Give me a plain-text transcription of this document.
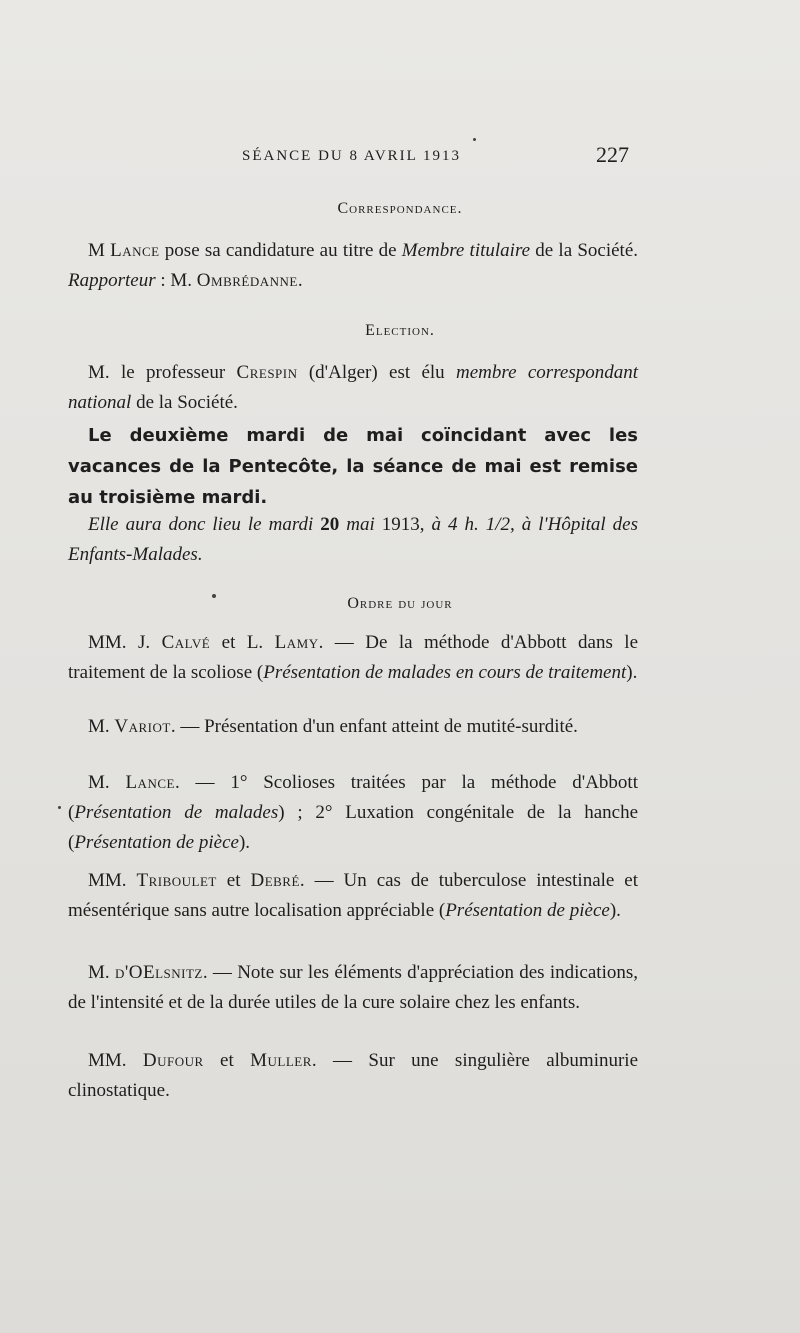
SÉANCE DU 8 AVRIL 1913	227
Correspondance.

M Lance pose sa candidature au titre de Membre titulaire de la Société. Rapporteur : M. Ombrédanne.

Election.

M. le professeur Crespin (d'Alger) est élu membre correspondant national de la Société.

Le deuxième mardi de mai coïncidant avec les vacances de la Pentecôte, la séance de mai est remise au troisième mardi.

Elle aura donc lieu le mardi 20 mai 1913, à 4 h. 1/2, à l'Hôpital des Enfants-Malades.

Ordre du jour

MM. J. Calvé et L. Lamy. — De la méthode d'Abbott dans le traitement de la scoliose (Présentation de malades en cours de traitement).

M. Variot. — Présentation d'un enfant atteint de mutité-surdité.

M. Lance. — 1° Scolioses traitées par la méthode d'Abbott (Présentation de malades) ; 2° Luxation congénitale de la hanche (Présentation de pièce).

MM. Triboulet et Debré. — Un cas de tuberculose intestinale et mésentérique sans autre localisation appréciable (Présentation de pièce).

M. d'OElsnitz. — Note sur les éléments d'appréciation des indications, de l'intensité et de la durée utiles de la cure solaire chez les enfants.

MM. Dufour et Muller. — Sur une singulière albuminurie clinostatique.
